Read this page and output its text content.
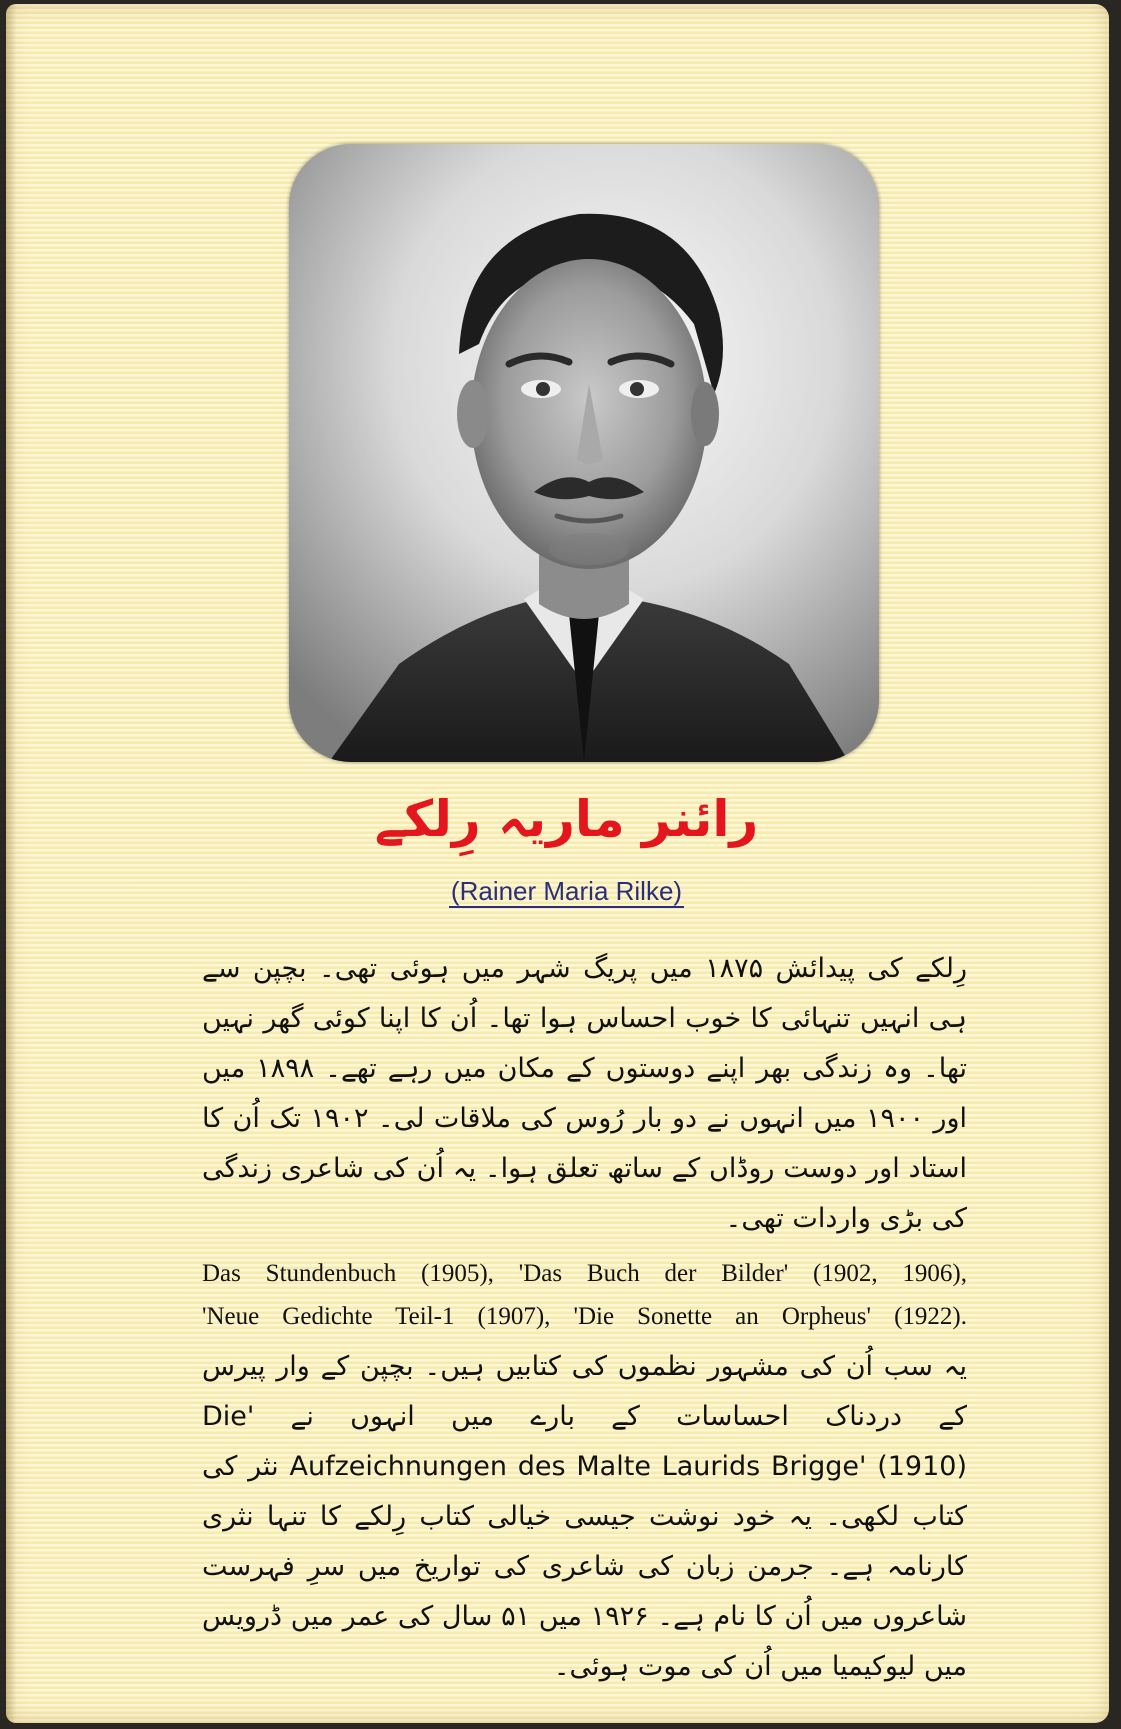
رائنر ماریہ رِلکے
(Rainer Maria Rilke)

رِلکے کی پیدائش ۱۸۷۵ میں پریگ شہر میں ہوئی تھی۔ بچپن سے ہی انہیں تنہائی کا خوب احساس ہوا تھا۔ اُن کا اپنا کوئی گھر نہیں تھا۔ وہ زندگی بھر اپنے دوستوں کے مکان میں رہے تھے۔ ۱۸۹۸ میں اور ۱۹۰۰ میں انہوں نے دو بار رُوس کی ملاقات لی۔ ۱۹۰۲ تک اُن کا استاد اور دوست روڈاں کے ساتھ تعلق ہوا۔ یہ اُن کی شاعری زندگی کی بڑی واردات تھی۔

Das Stundenbuch (1905), 'Das Buch der Bilder' (1902, 1906),
'Neue Gedichte Teil-1 (1907), 'Die Sonette an Orpheus' (1922).

یہ سب اُن کی مشہور نظموں کی کتابیں ہیں۔ بچپن کے وار پیرس کے دردناک احساسات کے بارے میں انہوں نے 'Die Aufzeichnungen des Malte Laurids Brigge' (1910) نثر کی کتاب لکھی۔ یہ خود نوشت جیسی خیالی کتاب رِلکے کا تنہا نثری کارنامہ ہے۔ جرمن زبان کی شاعری کی تواریخ میں سرِ فہرست شاعروں میں اُن کا نام ہے۔ ۱۹۲۶ میں ۵۱ سال کی عمر میں ڈرویس میں لیوکیمیا میں اُن کی موت ہوئی۔
